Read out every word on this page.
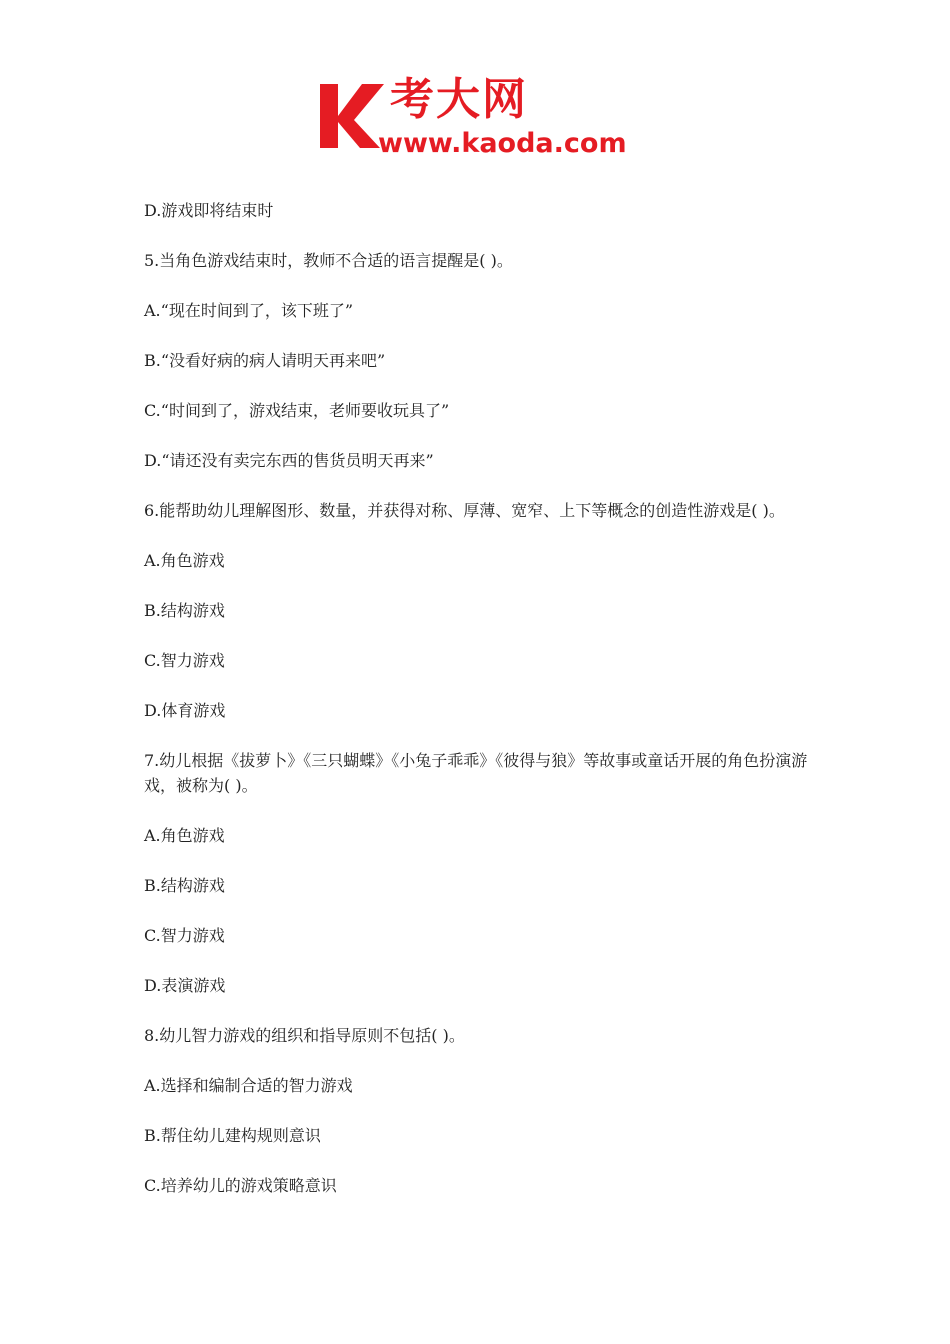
考大网
www.kaoda.com
D.游戏即将结束时
5.当角色游戏结束时，教师不合适的语言提醒是( )。
A.“现在时间到了，该下班了”
B.“没看好病的病人请明天再来吧”
C.“时间到了，游戏结束，老师要收玩具了”
D.“请还没有卖完东西的售货员明天再来”
6.能帮助幼儿理解图形、数量，并获得对称、厚薄、宽窄、上下等概念的创造性游戏是( )。
A.角色游戏
B.结构游戏
C.智力游戏
D.体育游戏
7.幼儿根据《拔萝卜》《三只蝴蝶》《小兔子乖乖》《彼得与狼》等故事或童话开展的角色扮演游戏，被称为( )。
A.角色游戏
B.结构游戏
C.智力游戏
D.表演游戏
8.幼儿智力游戏的组织和指导原则不包括( )。
A.选择和编制合适的智力游戏
B.帮住幼儿建构规则意识
C.培养幼儿的游戏策略意识
